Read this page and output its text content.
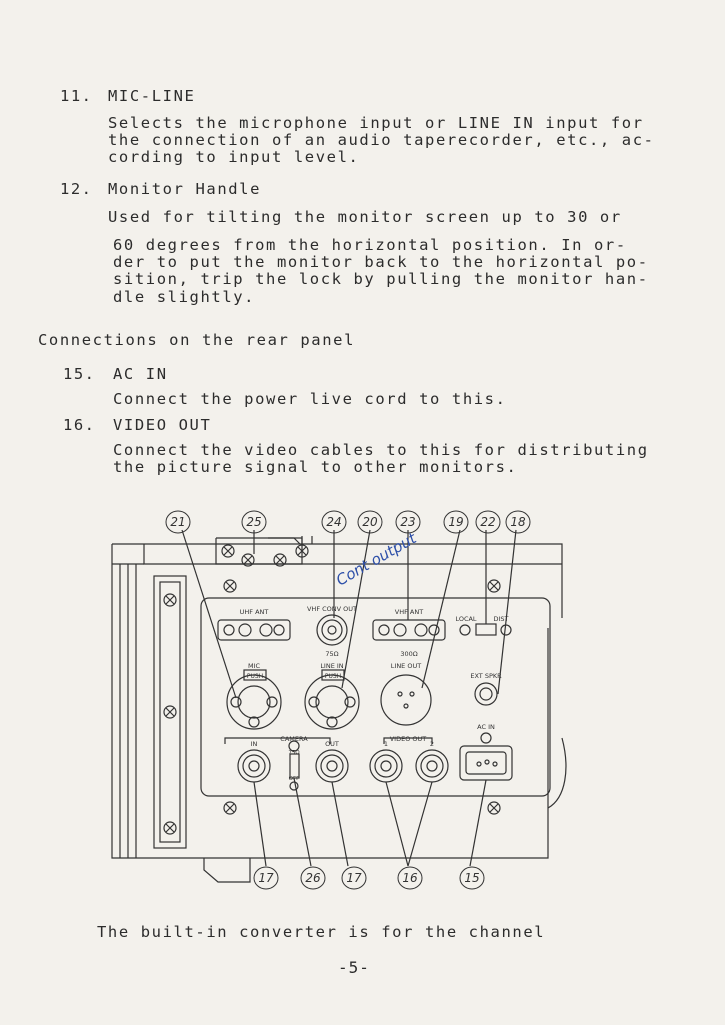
11. MIC-LINE
Selects the microphone input or LINE IN input for
the connection of an audio taperecorder, etc., ac-
cording to input level.
12. Monitor Handle
Used for tilting the monitor screen up to 30 or
60 degrees from the horizontal position. In or-
der to put the monitor back to the horizontal po-
sition, trip the lock by pulling the monitor han-
dle slightly.
Connections on the rear panel
15. AC IN
Connect the power live cord to this.
16. VIDEO OUT
Connect the video cables to this for distributing
the picture signal to other monitors.
21	25	24 20 23	19 22 18
17	26 17	16	15
UHF ANT	VHF CONV OUT	VHF ANT
LOCAL	DIST
75Ω	300Ω
MIC	LINE IN	LINE OUT
EXT SPKR
PUSH	PUSH
CAMERA
IN	OUT
VIDEO OUT
1	2
AC IN
75Ω
OFF
Cont output
The built-in converter is for the channel
-5-
